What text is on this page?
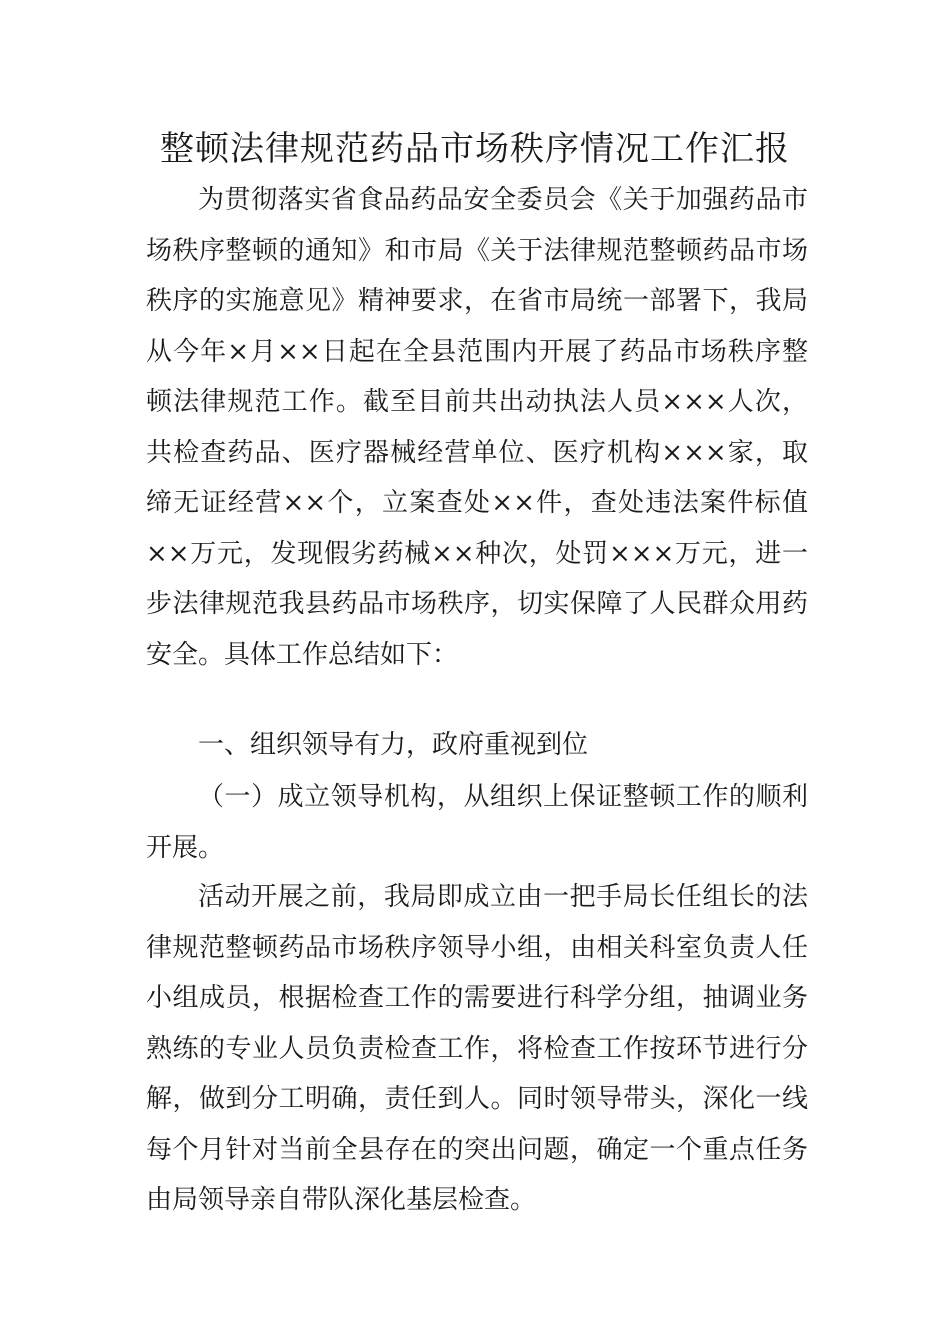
整顿法律规范药品市场秩序情况工作汇报

为贯彻落实省食品药品安全委员会《关于加强药品市场秩序整顿的通知》和市局《关于法律规范整顿药品市场秩序的实施意见》精神要求，在省市局统一部署下，我局从今年×月××日起在全县范围内开展了药品市场秩序整顿法律规范工作。截至目前共出动执法人员×××人次，共检查药品、医疗器械经营单位、医疗机构×××家，取缔无证经营××个，立案查处××件，查处违法案件标值××万元，发现假劣药械××种次，处罚×××万元，进一步法律规范我县药品市场秩序，切实保障了人民群众用药安全。具体工作总结如下：

一、组织领导有力，政府重视到位

（一）成立领导机构，从组织上保证整顿工作的顺利开展。

活动开展之前，我局即成立由一把手局长任组长的法律规范整顿药品市场秩序领导小组，由相关科室负责人任小组成员，根据检查工作的需要进行科学分组，抽调业务熟练的专业人员负责检查工作，将检查工作按环节进行分解，做到分工明确，责任到人。同时领导带头，深化一线每个月针对当前全县存在的突出问题，确定一个重点任务由局领导亲自带队深化基层检查。
